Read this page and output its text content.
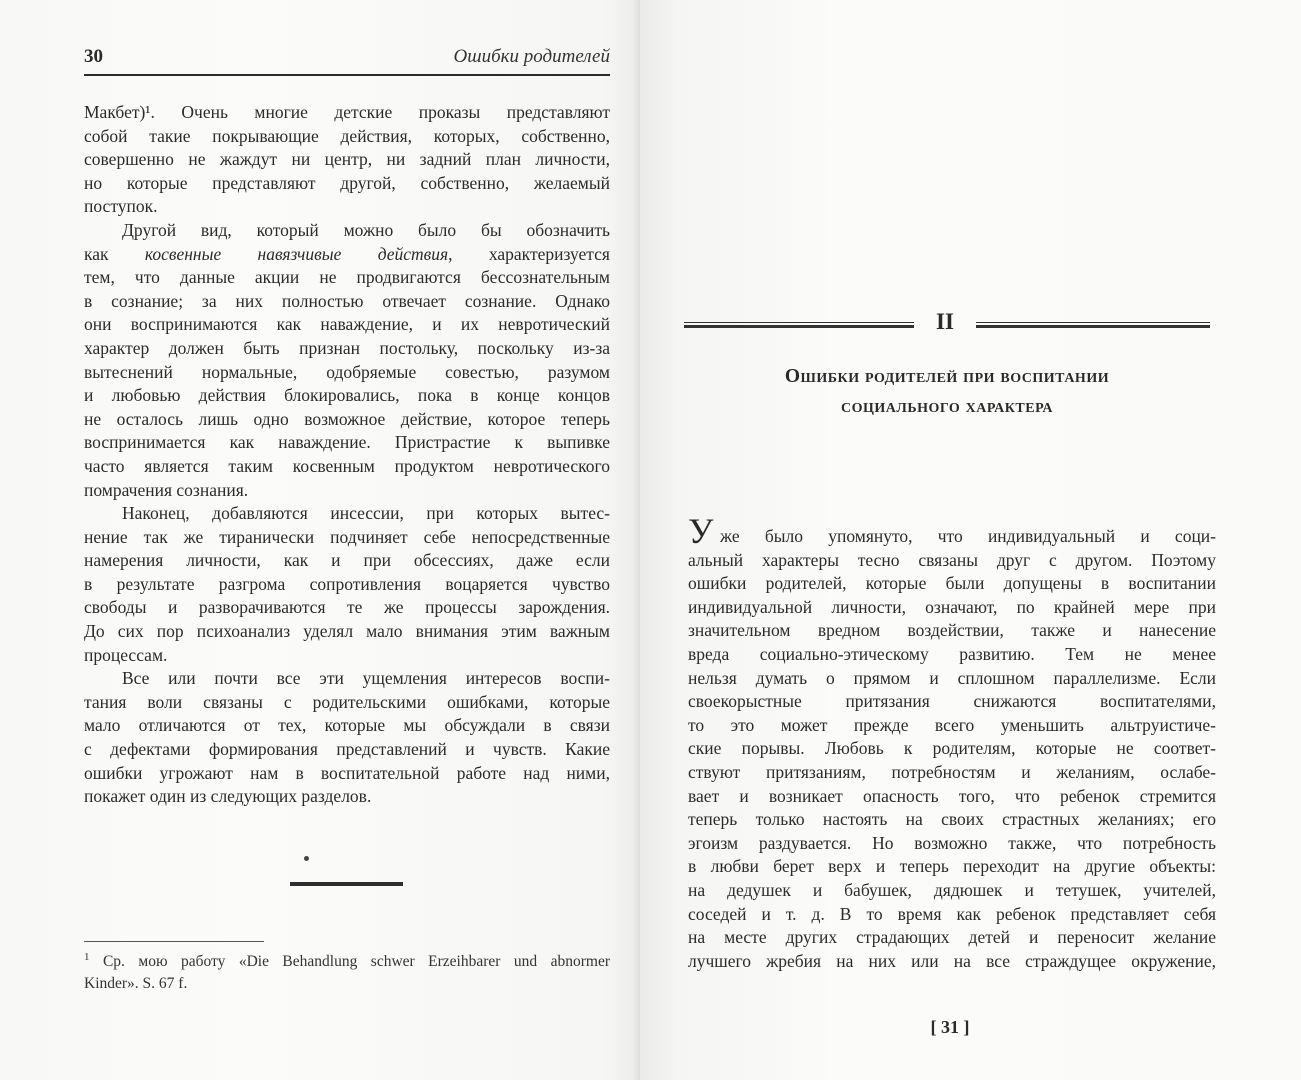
30	Ошибки родителей
Макбет)¹. Очень многие детские проказы представляют
собой такие покрывающие действия, которых, собственно,
совершенно не жаждут ни центр, ни задний план личности,
но которые представляют другой, собственно, желаемый
поступок.
Другой вид, который можно было бы обозначить
как косвенные навязчивые действия, характеризуется
тем, что данные акции не продвигаются бессознательным
в сознание; за них полностью отвечает сознание. Однако
они воспринимаются как наваждение, и их невротический
характер должен быть признан постольку, поскольку из-за
вытеснений нормальные, одобряемые совестью, разумом
и любовью действия блокировались, пока в конце концов
не осталось лишь одно возможное действие, которое теперь
воспринимается как наваждение. Пристрастие к выпивке
часто является таким косвенным продуктом невротического
помрачения сознания.
Наконец, добавляются инсессии, при которых вытес-
нение так же тиранически подчиняет себе непосредственные
намерения личности, как и при обсессиях, даже если
в результате разгрома сопротивления воцаряется чувство
свободы и разворачиваются те же процессы зарождения.
До сих пор психоанализ уделял мало внимания этим важным
процессам.
Все или почти все эти ущемления интересов воспи-
тания воли связаны с родительскими ошибками, которые
мало отличаются от тех, которые мы обсуждали в связи
с дефектами формирования представлений и чувств. Какие
ошибки угрожают нам в воспитательной работе над ними,
покажет один из следующих разделов.
$^1$ Ср. мою работу «Die Behandlung schwer Erzeihbarer und abnormer
Kinder». S. 67 f.
II
Ошибки родителей при воспитании
социального характера
У же было упомянуто, что индивидуальный и соци-
альный характеры тесно связаны друг с другом. Поэтому
ошибки родителей, которые были допущены в воспитании
индивидуальной личности, означают, по крайней мере при
значительном вредном воздействии, также и нанесение
вреда социально-этическому развитию. Тем не менее
нельзя думать о прямом и сплошном параллелизме. Если
своекорыстные притязания снижаются воспитателями,
то это может прежде всего уменьшить альтруистиче-
ские порывы. Любовь к родителям, которые не соответ-
ствуют притязаниям, потребностям и желаниям, ослабе-
вает и возникает опасность того, что ребенок стремится
теперь только настоять на своих страстных желаниях; его
эгоизм раздувается. Но возможно также, что потребность
в любви берет верх и теперь переходит на другие объекты:
на дедушек и бабушек, дядюшек и тетушек, учителей,
соседей и т. д. В то время как ребенок представляет себя
на месте других страдающих детей и переносит желание
лучшего жребия на них или на все страждущее окружение,
[ 31 ]
